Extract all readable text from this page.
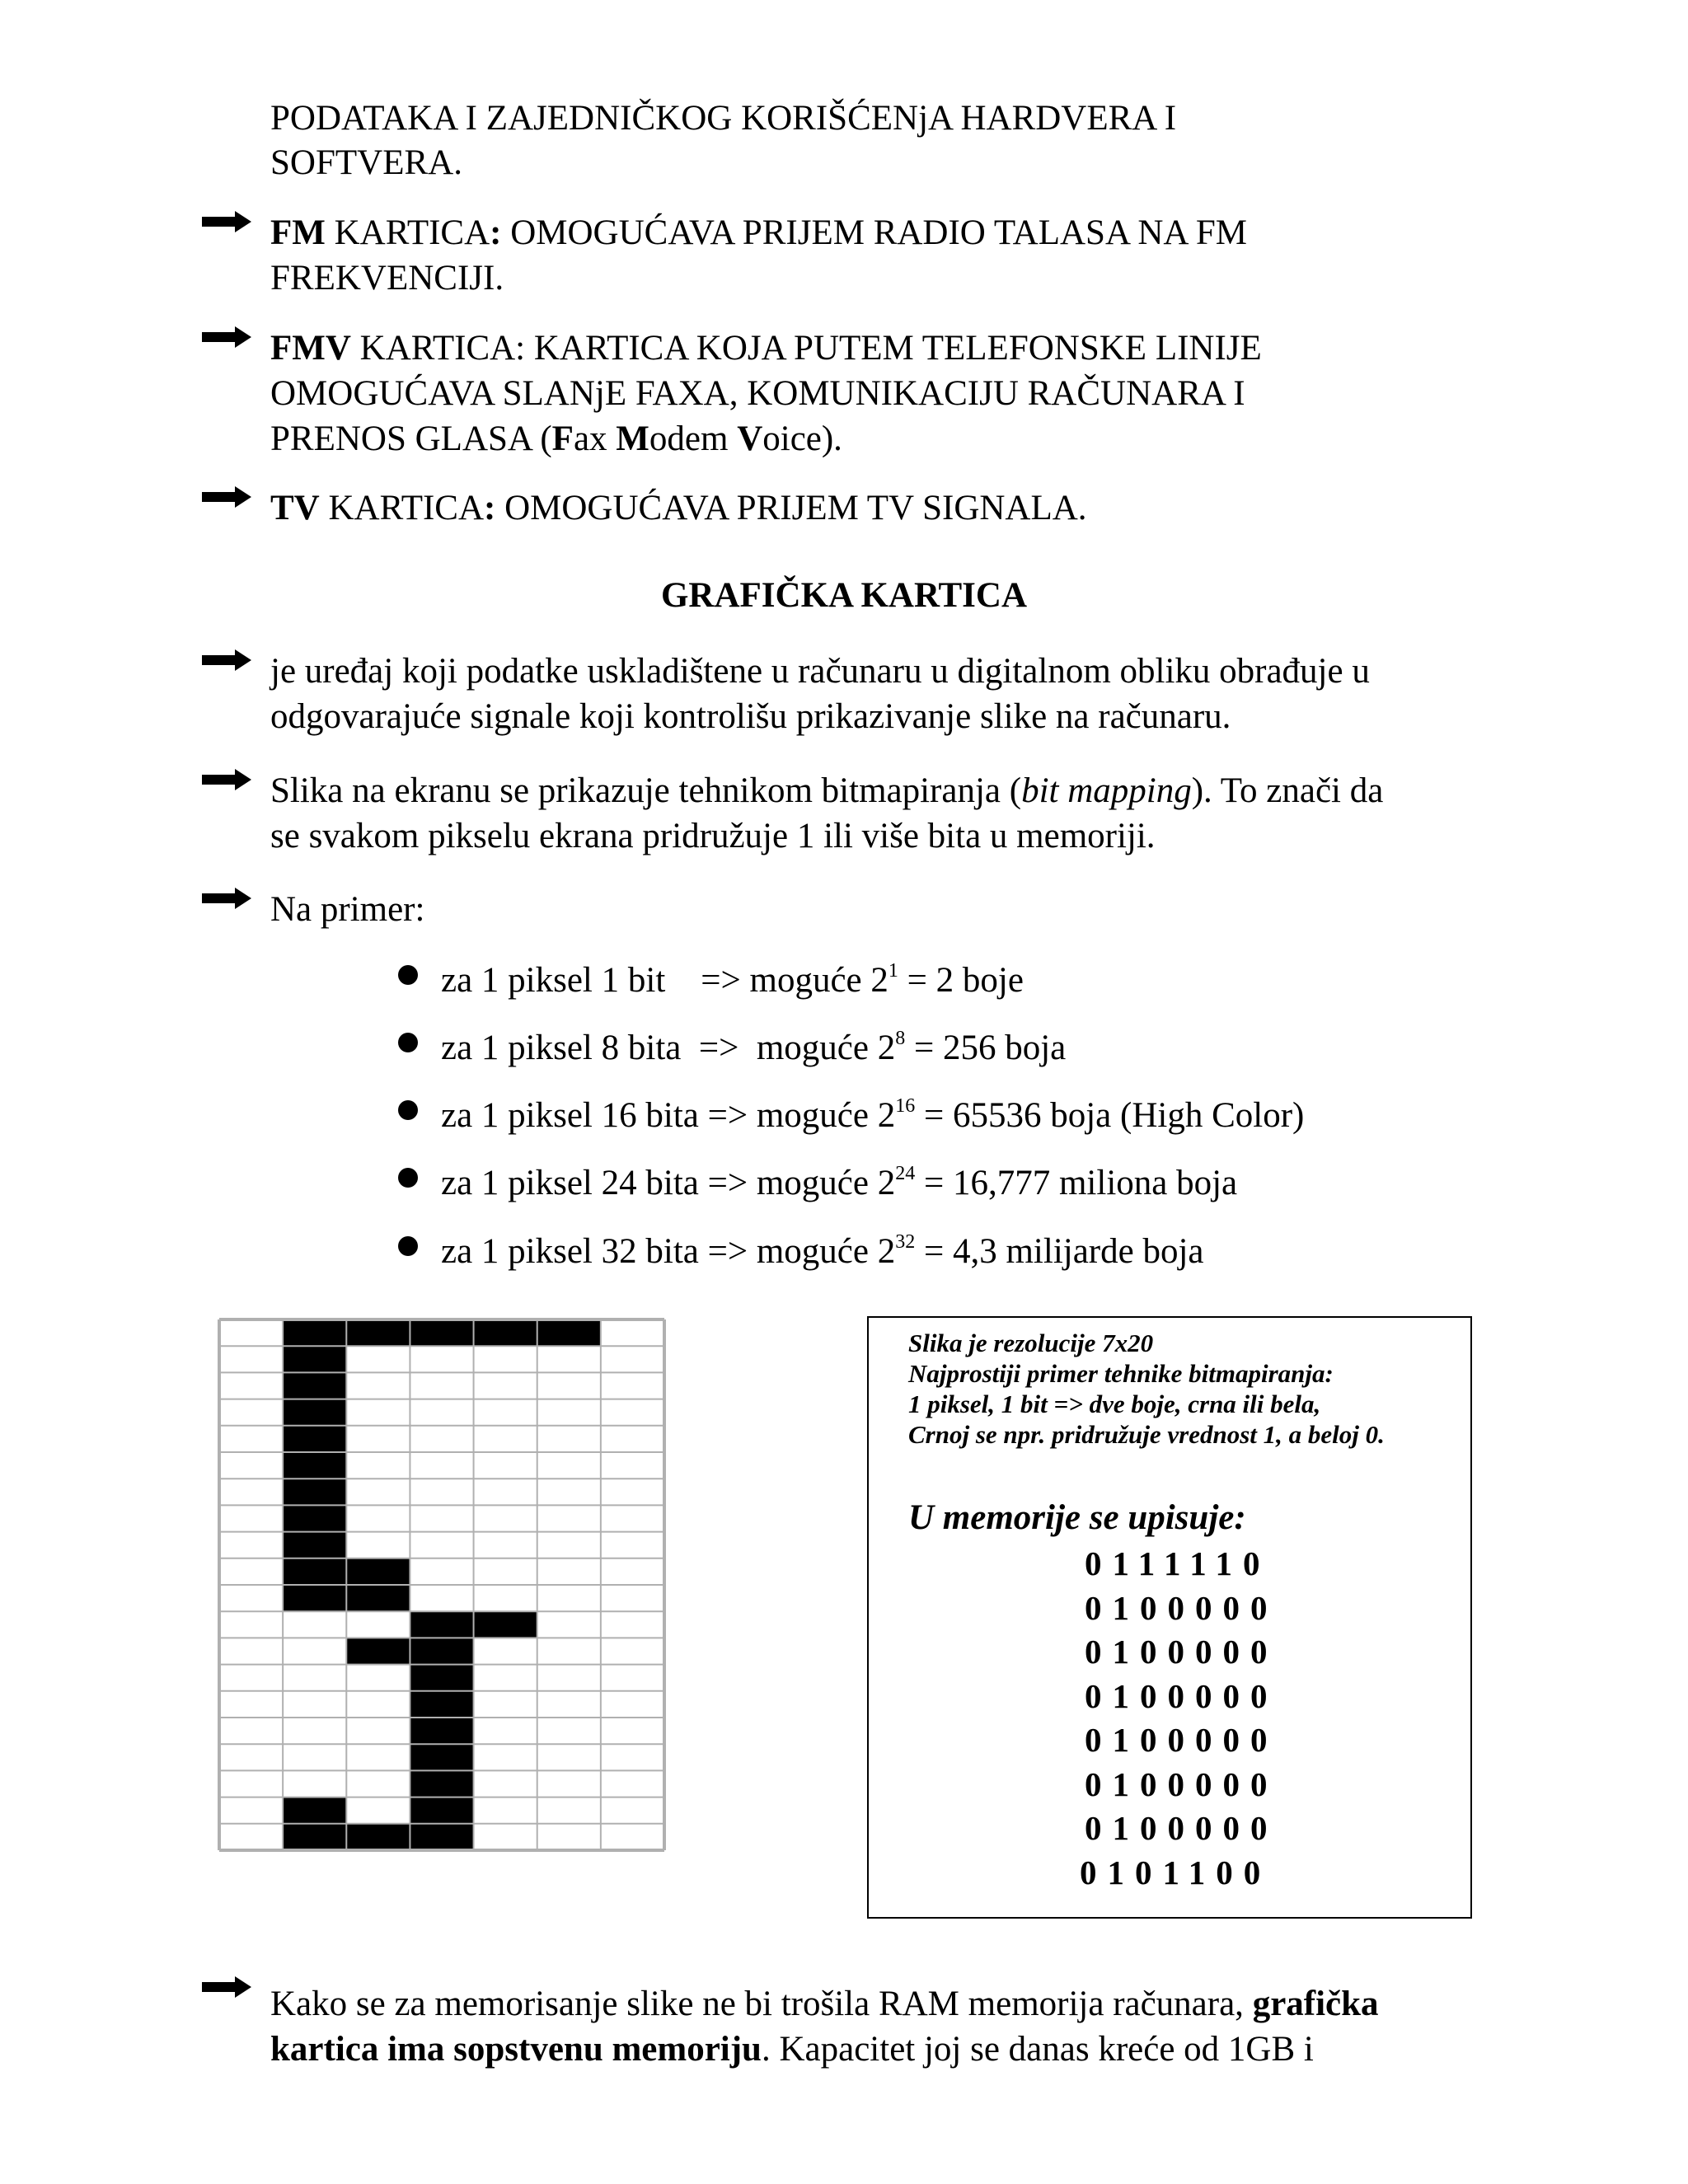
PODATAKA I ZAJEDNIČKOG KORIŠĆENjA HARDVERA I
SOFTVERA.
FM KARTICA: OMOGUĆAVA PRIJEM RADIO TALASA NA FM
FREKVENCIJI.
FMV KARTICA: KARTICA KOJA PUTEM TELEFONSKE LINIJE
OMOGUĆAVA SLANjE FAXA, KOMUNIKACIJU RAČUNARA I
PRENOS GLASA (Fax Modem Voice).
TV KARTICA: OMOGUĆAVA PRIJEM TV SIGNALA.
GRAFIČKA KARTICA
je uređaj koji podatke uskladištene u računaru u digitalnom obliku obrađuje u
odgovarajuće signale koji kontrolišu prikazivanje slike na računaru.
Slika na ekranu se prikazuje tehnikom bitmapiranja (bit mapping). To znači da
se svakom pikselu ekrana pridružuje 1 ili više bita u memoriji.
Na primer:
za 1 piksel 1 bit    => moguće $2^1 = 2$ boje
za 1 piksel 8 bita  =>  moguće $2^8 = 256$ boja
za 1 piksel 16 bita => moguće $2^{16} = 65536$ boja (High Color)
za 1 piksel 24 bita => moguće $2^{24} = 16,777$ miliona boja
za 1 piksel 32 bita => moguće $2^{32} = 4,3$ milijarde boja
Slika je rezolucije 7x20
Najprostiji primer tehnike bitmapiranja:
1 piksel, 1 bit => dve boje, crna ili bela,
Crnoj se npr. pridružuje vrednost 1, a beloj 0.
U memorije se upisuje:
0111110
0100000
0100000
0100000
0100000
0100000
0100000
0101100
Kako se za memorisanje slike ne bi trošila RAM memorija računara, grafička
kartica ima sopstvenu memoriju. Kapacitet joj se danas kreće od 1GB i
